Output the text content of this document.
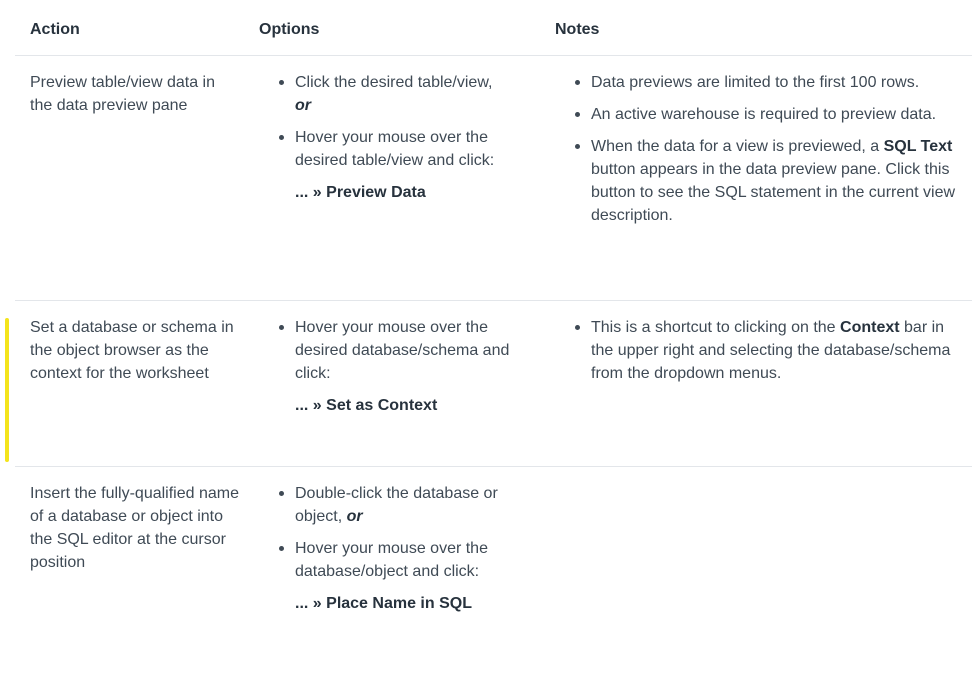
Action	Options	Notes
Preview table/view data in the data preview pane
Click the desired table/view,
or
Hover your mouse over the desired table/view and click:
... » Preview Data
Data previews are limited to the first 100 rows.
An active warehouse is required to preview data.
When the data for a view is previewed, a SQL Text button appears in the data preview pane. Click this button to see the SQL statement in the current view description.
Set a database or schema in the object browser as the context for the worksheet
Hover your mouse over the desired database/schema and click:
... » Set as Context
This is a shortcut to clicking on the Context bar in the upper right and selecting the database/schema from the dropdown menus.
Insert the fully-qualified name of a database or object into the SQL editor at the cursor position
Double-click the database or object, or
Hover your mouse over the database/object and click:
... » Place Name in SQL
